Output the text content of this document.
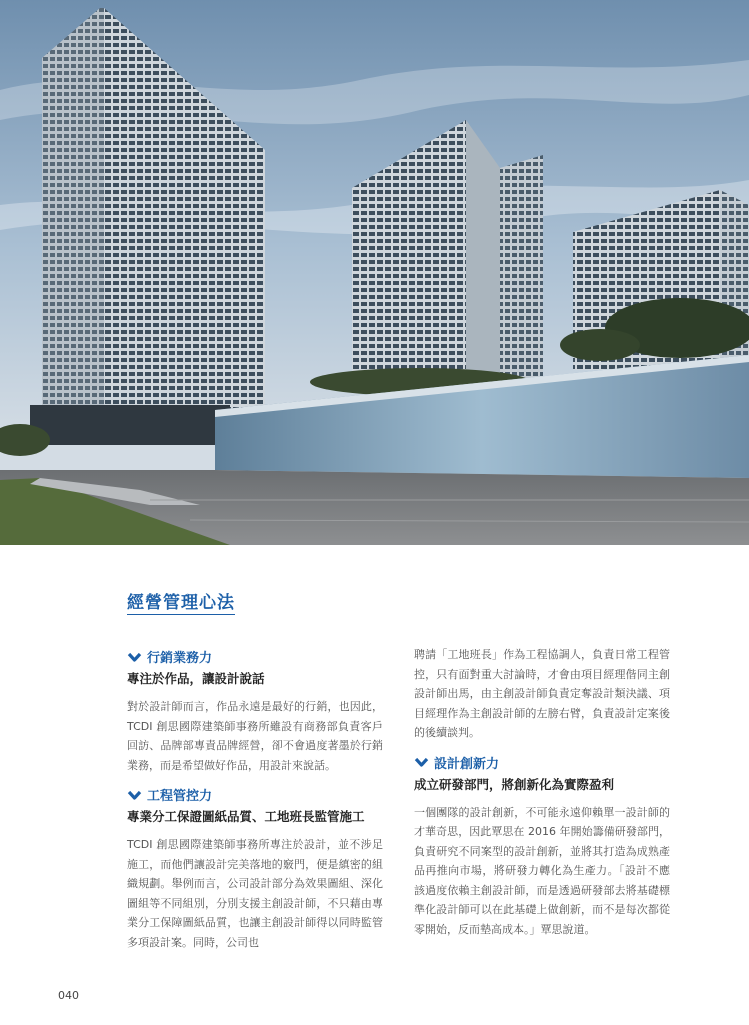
經營管理心法
行銷業務力
專注於作品，讓設計說話

對於設計師而言，作品永遠是最好的行銷，也因此，TCDI 創思國際建築師事務所雖設有商務部負責客戶回訪、品牌部專責品牌經營，卻不會過度著墨於行銷業務，而是希望做好作品，用設計來說話。

工程管控力
專業分工保證圖紙品質、工地班長監管施工

TCDI 創思國際建築師事務所專注於設計，並不涉足施工，而他們讓設計完美落地的竅門，便是縝密的組織規劃。舉例而言，公司設計部分為效果圖組、深化圖組等不同組別，分別支援主創設計師，不只藉由專業分工保障圖紙品質，也讓主創設計師得以同時監管多項設計案。同時，公司也

聘請「工地班長」作為工程協調人，負責日常工程管控，只有面對重大討論時，才會由項目經理偕同主創設計師出馬，由主創設計師負責定奪設計類決議、項目經理作為主創設計師的左膀右臂，負責設計定案後的後續談判。

設計創新力
成立研發部門，將創新化為實際盈利

一個團隊的設計創新，不可能永遠仰賴單一設計師的才華奇思，因此覃思在 2016 年開始籌備研發部門，負責研究不同案型的設計創新，並將其打造為成熟產品再推向市場，將研發力轉化為生產力。「設計不應該過度依賴主創設計師，而是透過研發部去將基礎標準化設計師可以在此基礎上做創新，而不是每次都從零開始，反而墊高成本。」覃思說道。

040
